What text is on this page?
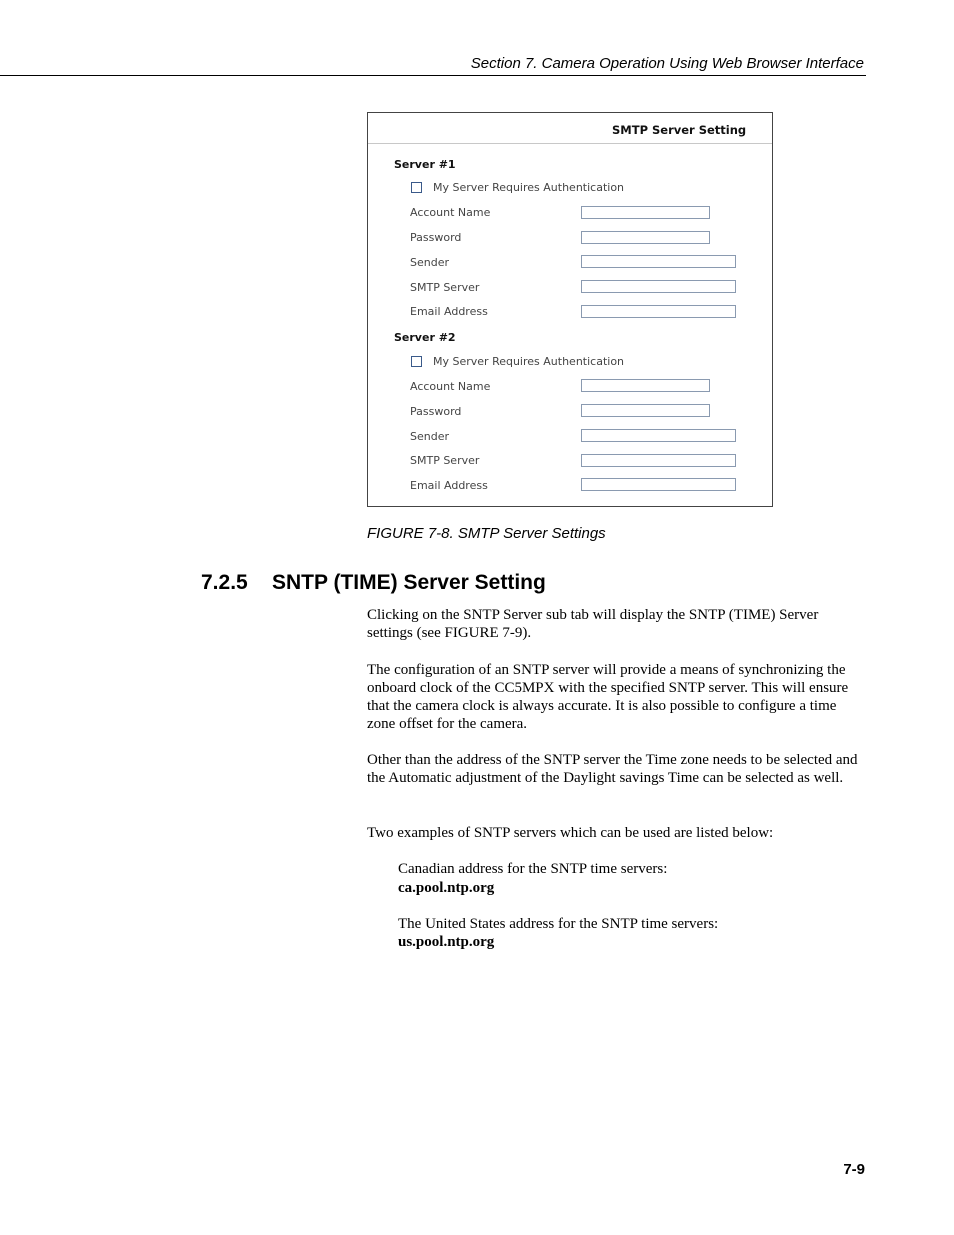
Section 7. Camera Operation Using Web Browser Interface
SMTP Server Setting
Server #1
My Server Requires Authentication
Account Name
Password
Sender
SMTP Server
Email Address
Server #2
My Server Requires Authentication
Account Name
Password
Sender
SMTP Server
Email Address
FIGURE 7-8. SMTP Server Settings
7.2.5 SNTP (TIME) Server Setting
Clicking on the SNTP Server sub tab will display the SNTP (TIME) Server settings (see FIGURE 7-9).
The configuration of an SNTP server will provide a means of synchronizing the onboard clock of the CC5MPX with the specified SNTP server. This will ensure that the camera clock is always accurate. It is also possible to configure a time zone offset for the camera.
Other than the address of the SNTP server the Time zone needs to be selected and the Automatic adjustment of the Daylight savings Time can be selected as well.
Two examples of SNTP servers which can be used are listed below:
Canadian address for the SNTP time servers:
ca.pool.ntp.org
The United States address for the SNTP time servers:
us.pool.ntp.org
7-9
